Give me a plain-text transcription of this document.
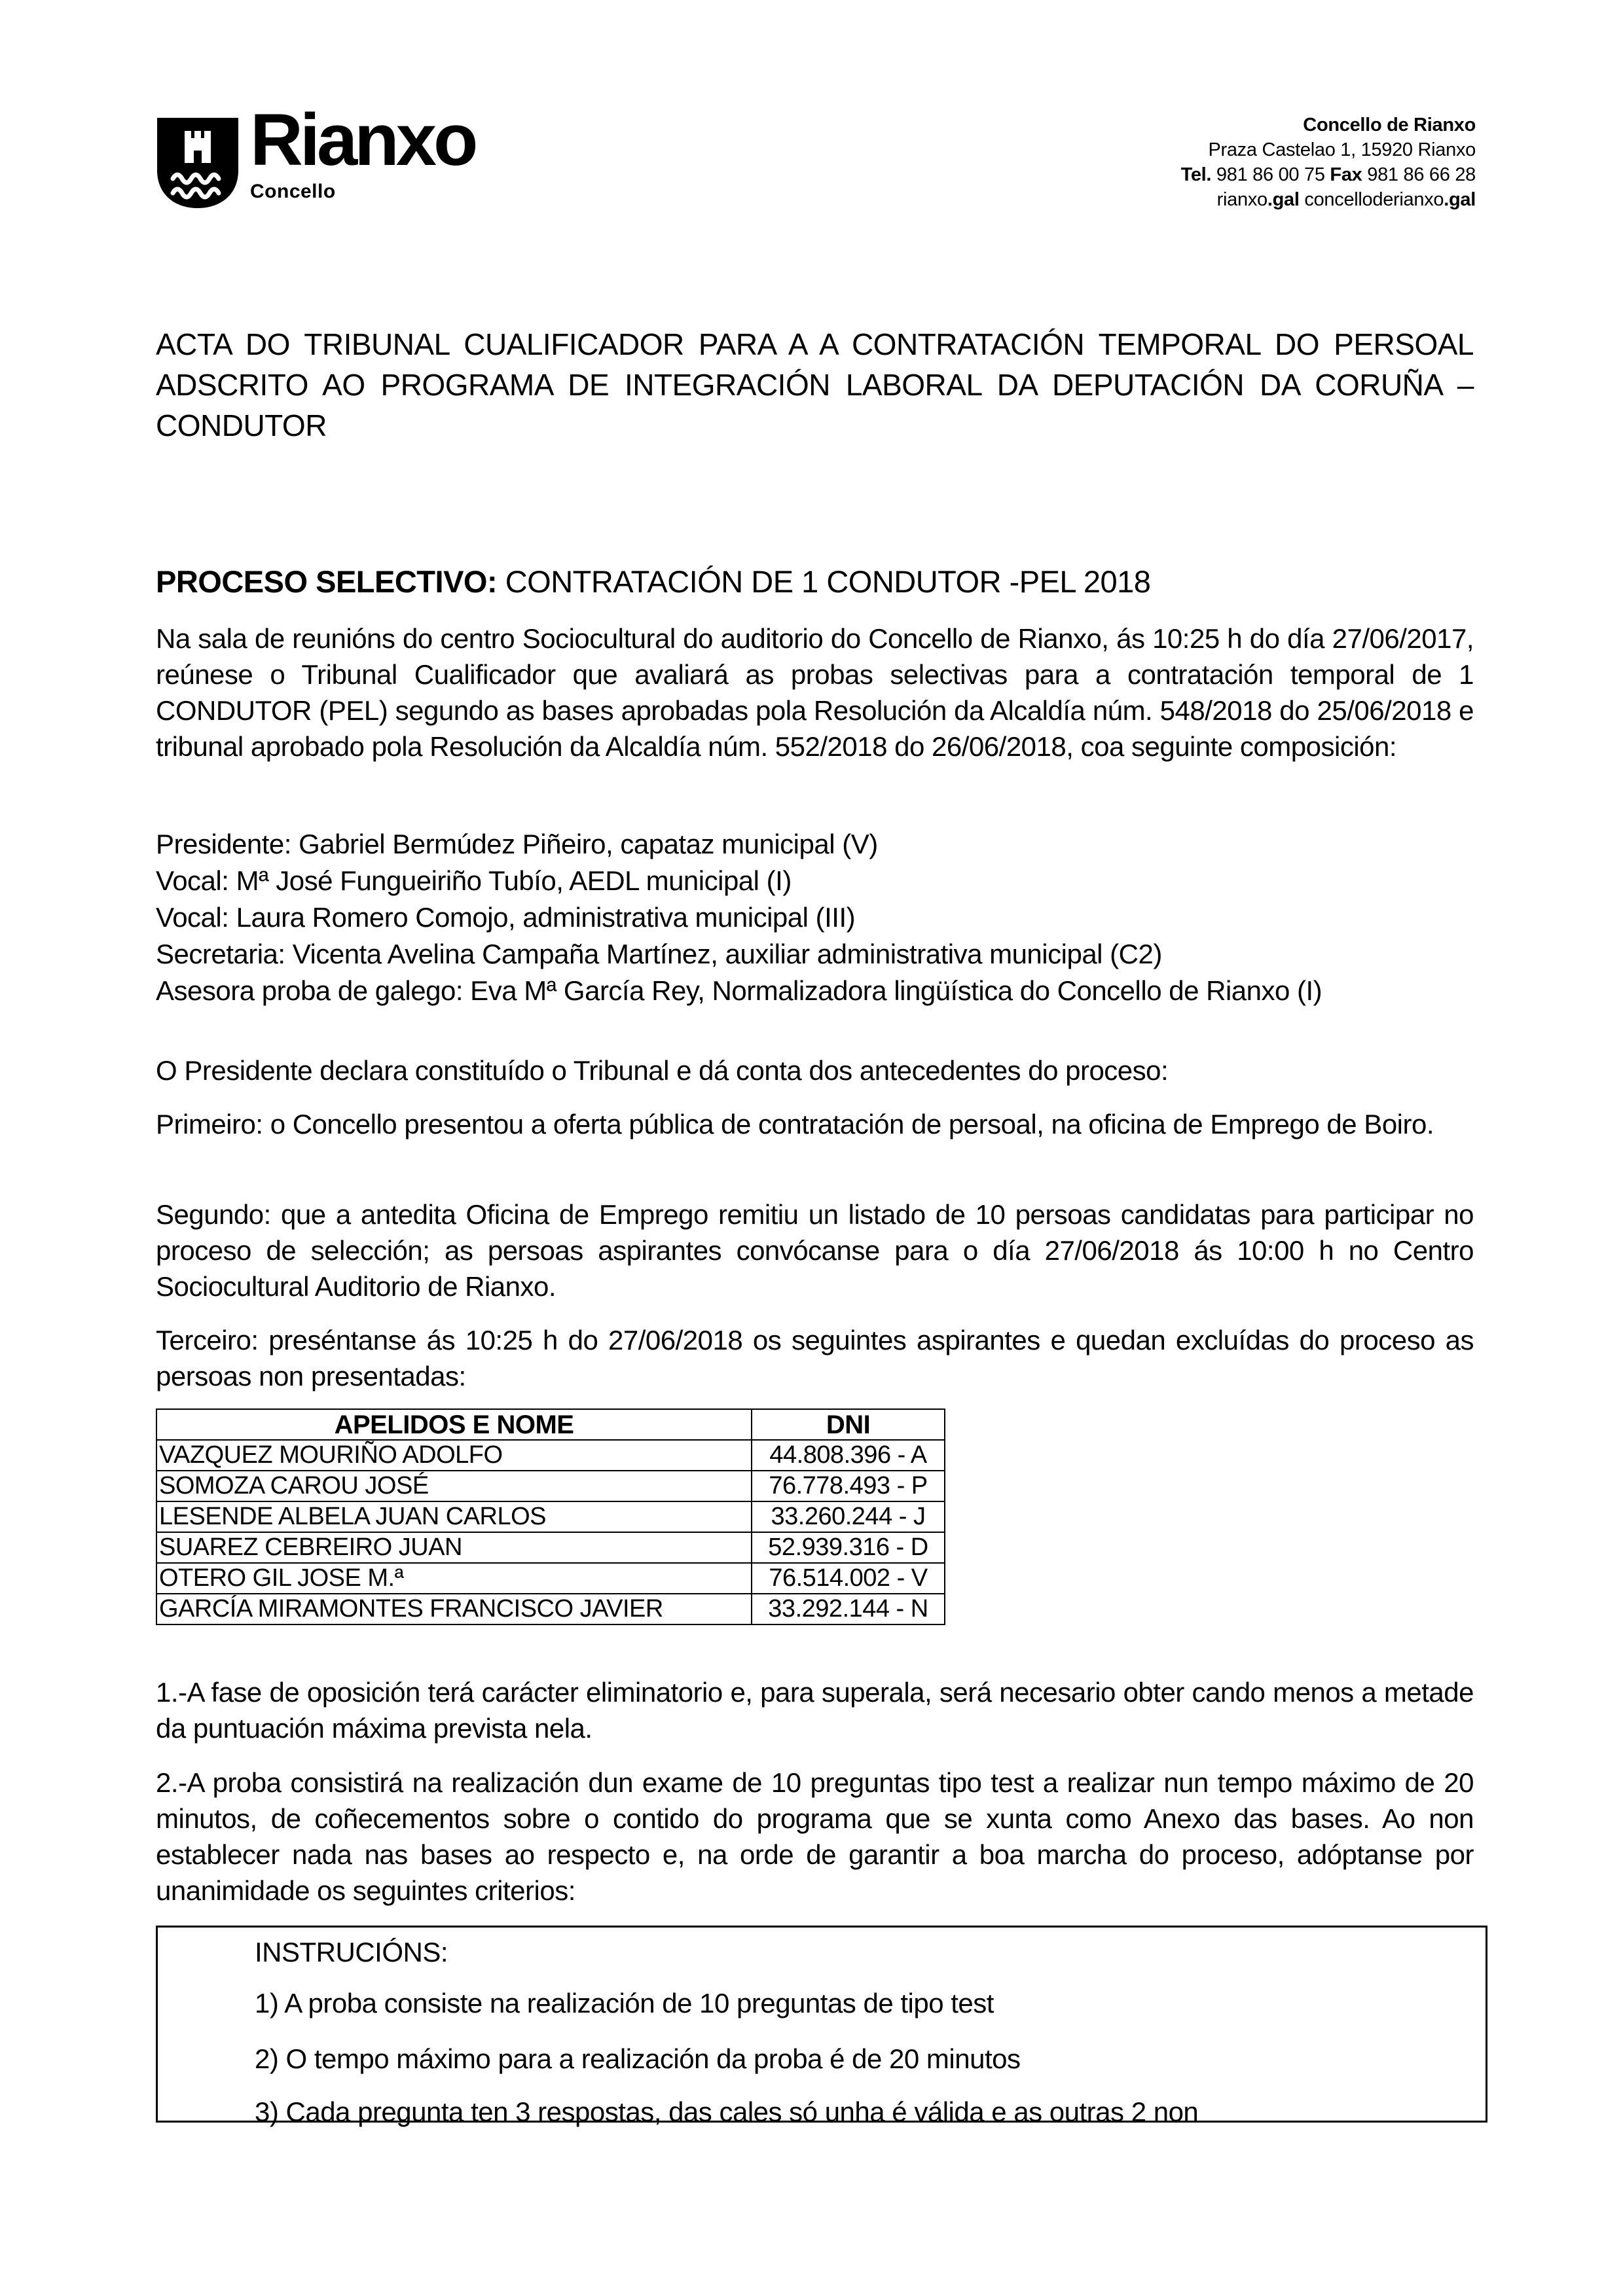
Rianxo
Concello
Concello de Rianxo
Praza Castelao 1, 15920 Rianxo
Tel. 981 86 00 75 Fax 981 86 66 28
rianxo.gal concelloderianxo.gal
ACTA DO TRIBUNAL CUALIFICADOR PARA A A CONTRATACIÓN TEMPORAL DO PERSOAL ADSCRITO AO PROGRAMA DE INTEGRACIÓN LABORAL DA DEPUTACIÓN DA CORUÑA – CONDUTOR
PROCESO SELECTIVO: CONTRATACIÓN DE 1 CONDUTOR -PEL 2018
Na sala de reunións do centro Sociocultural do auditorio do Concello de Rianxo, ás 10:25 h do día 27/06/2017, reúnese o Tribunal Cualificador que avaliará as probas selectivas para a contratación temporal de 1 CONDUTOR (PEL) segundo as bases aprobadas pola Resolución da Alcaldía núm. 548/2018 do 25/06/2018 e tribunal aprobado pola Resolución da Alcaldía núm. 552/2018 do 26/06/2018, coa seguinte composición:
Presidente: Gabriel Bermúdez Piñeiro, capataz municipal (V)
Vocal: Mª José Fungueiriño Tubío, AEDL municipal (I)
Vocal: Laura Romero Comojo, administrativa municipal (III)
Secretaria: Vicenta Avelina Campaña Martínez, auxiliar administrativa municipal (C2)
Asesora proba de galego: Eva Mª García Rey, Normalizadora lingüística do Concello de Rianxo (I)
O Presidente declara constituído o Tribunal e dá conta dos antecedentes do proceso:
Primeiro: o Concello presentou a oferta pública de contratación de persoal, na oficina de Emprego de Boiro.
Segundo: que a antedita Oficina de Emprego remitiu un listado de 10 persoas candidatas para participar no proceso de selección; as persoas aspirantes convócanse para o día 27/06/2018 ás 10:00 h no Centro Sociocultural Auditorio de Rianxo.
Terceiro: preséntanse ás 10:25 h do 27/06/2018 os seguintes aspirantes e quedan excluídas do proceso as persoas non presentadas:
APELIDOS E NOME	DNI
VAZQUEZ MOURIÑO ADOLFO	44.808.396 - A
SOMOZA CAROU JOSÉ	76.778.493 - P
LESENDE ALBELA JUAN CARLOS	33.260.244 - J
SUAREZ CEBREIRO JUAN	52.939.316 - D
OTERO GIL JOSE M.ª	76.514.002 - V
GARCÍA MIRAMONTES FRANCISCO JAVIER	33.292.144 - N
1.-A fase de oposición terá carácter eliminatorio e, para superala, será necesario obter cando menos a metade da puntuación máxima prevista nela.
2.-A proba consistirá na realización dun exame de 10 preguntas tipo test a realizar nun tempo máximo de 20 minutos, de coñecementos sobre o contido do programa que se xunta como Anexo das bases. Ao non establecer nada nas bases ao respecto e, na orde de garantir a boa marcha do proceso, adóptanse por unanimidade os seguintes criterios:
INSTRUCIÓNS:
1) A proba consiste na realización de 10 preguntas de tipo test
2) O tempo máximo para a realización da proba é de 20 minutos
3) Cada pregunta ten 3 respostas, das cales só unha é válida e as outras 2 non
